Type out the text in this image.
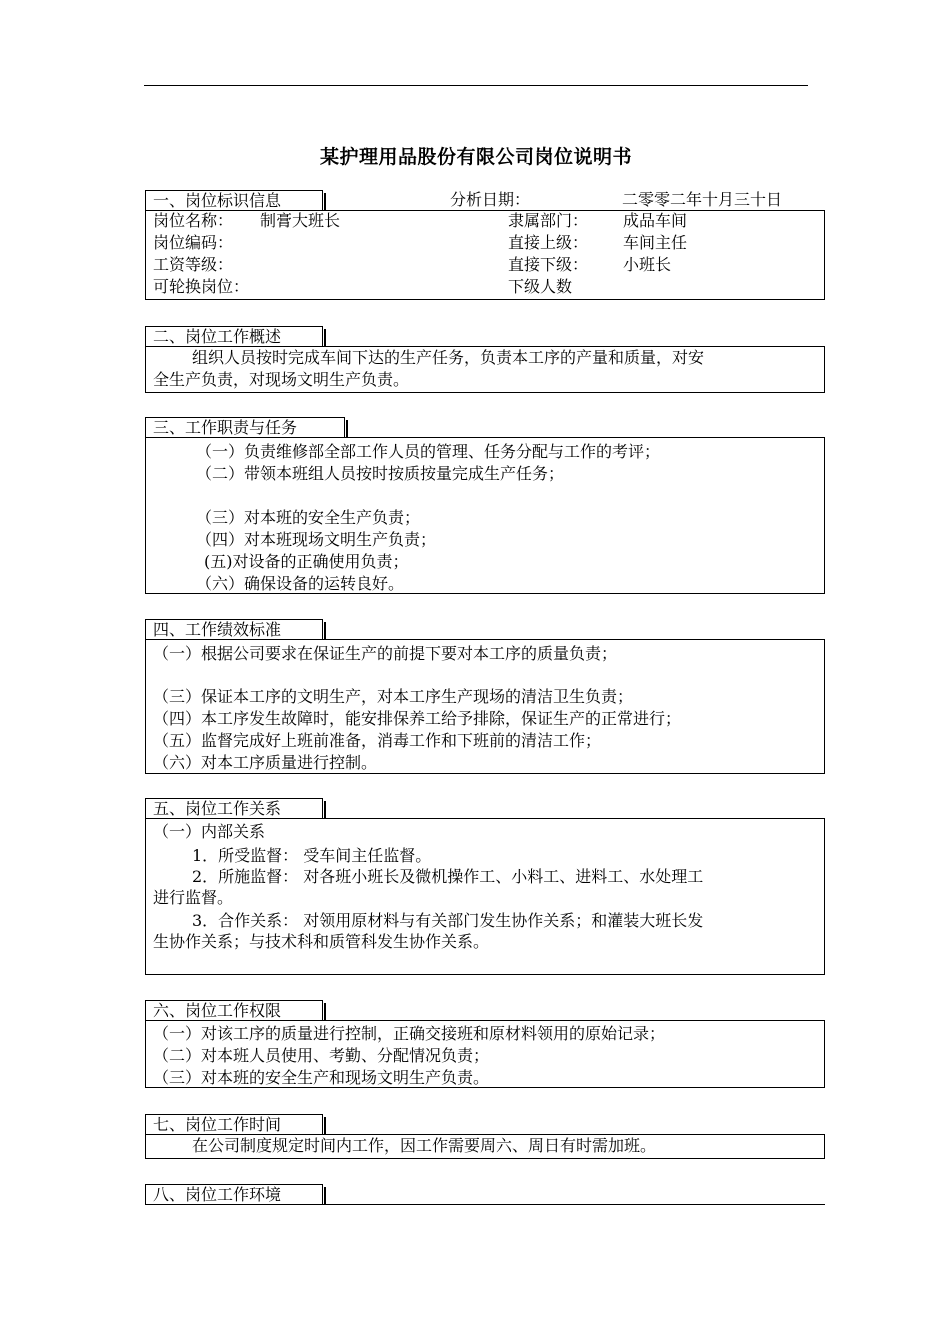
某护理用品股份有限公司岗位说明书
一、岗位标识信息
岗位名称： 制膏大班长	隶属部门： 成品车间
岗位编码：	直接上级： 车间主任
工资等级：	直接下级： 小班长
可轮换岗位：	下级人数
分析日期：	二零零二年十月三十日
二、岗位工作概述
组织人员按时完成车间下达的生产任务，负责本工序的产量和质量，对安
全生产负责，对现场文明生产负责。
三、工作职责与任务
（一）负责维修部全部工作人员的管理、任务分配与工作的考评；
（二）带领本班组人员按时按质按量完成生产任务；
（三）对本班的安全生产负责；
（四）对本班现场文明生产负责；
(五)对设备的正确使用负责；
（六）确保设备的运转良好。
四、工作绩效标准
（一）根据公司要求在保证生产的前提下要对本工序的质量负责；
（三）保证本工序的文明生产，对本工序生产现场的清洁卫生负责；
（四）本工序发生故障时，能安排保养工给予排除，保证生产的正常进行；
（五）监督完成好上班前准备，消毒工作和下班前的清洁工作；
（六）对本工序质量进行控制。
五、岗位工作关系
（一）内部关系
1．所受监督： 受车间主任监督。
2．所施监督： 对各班小班长及微机操作工、小料工、进料工、水处理工
进行监督。
3．合作关系： 对领用原材料与有关部门发生协作关系；和灌装大班长发
生协作关系；与技术科和质管科发生协作关系。
六、岗位工作权限
（一）对该工序的质量进行控制，正确交接班和原材料领用的原始记录；
（二）对本班人员使用、考勤、分配情况负责；
（三）对本班的安全生产和现场文明生产负责。
七、岗位工作时间
在公司制度规定时间内工作，因工作需要周六、周日有时需加班。
八、岗位工作环境
